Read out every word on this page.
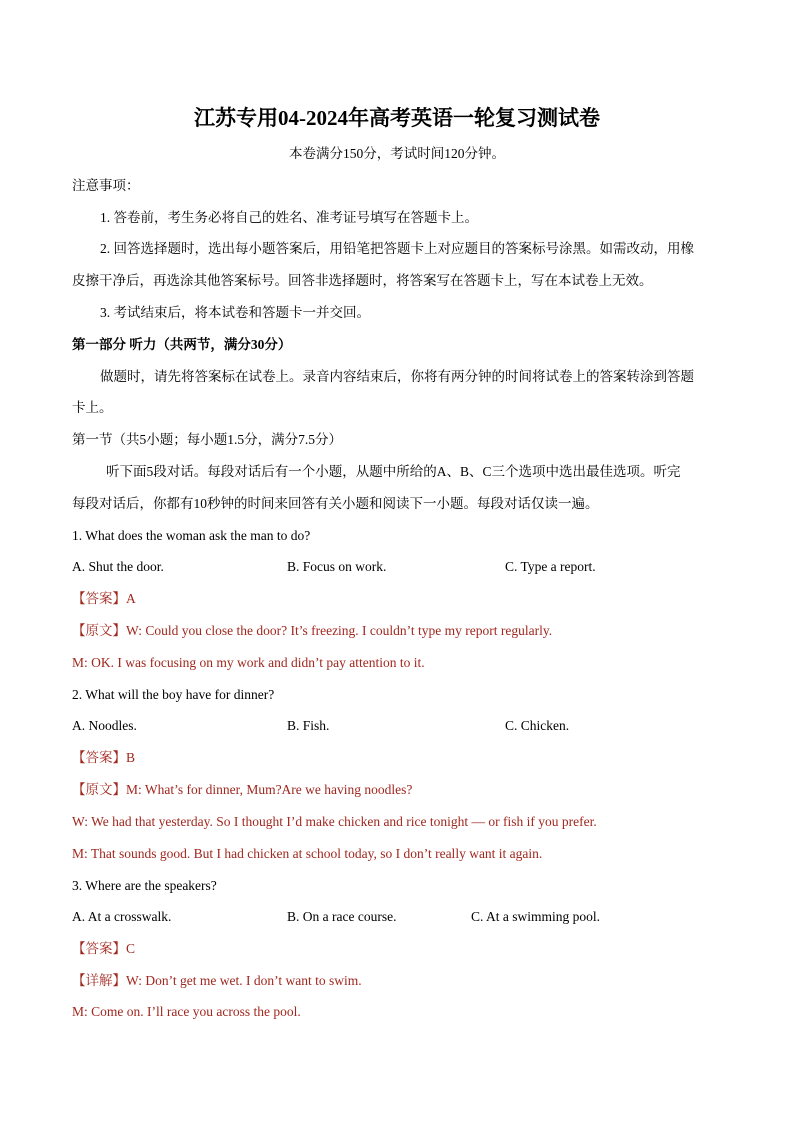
江苏专用04-2024年高考英语一轮复习测试卷
本卷满分150分，考试时间120分钟。
注意事项：
1. 答卷前，考生务必将自己的姓名、准考证号填写在答题卡上。
2. 回答选择题时，选出每小题答案后，用铅笔把答题卡上对应题目的答案标号涂黑。如需改动，用橡
皮擦干净后，再选涂其他答案标号。回答非选择题时，将答案写在答题卡上，写在本试卷上无效。
3. 考试结束后，将本试卷和答题卡一并交回。
第一部分 听力（共两节，满分30分）
做题时，请先将答案标在试卷上。录音内容结束后，你将有两分钟的时间将试卷上的答案转涂到答题
卡上。
第一节（共5小题；每小题1.5分，满分7.5分）
听下面5段对话。每段对话后有一个小题，从题中所给的A、B、C三个选项中选出最佳选项。听完
每段对话后，你都有10秒钟的时间来回答有关小题和阅读下一小题。每段对话仅读一遍。
1. What does the woman ask the man to do?
A. Shut the door.	B. Focus on work.	C. Type a report.
【答案】A
【原文】W: Could you close the door? It’s freezing. I couldn’t type my report regularly.
M: OK. I was focusing on my work and didn’t pay attention to it.
2. What will the boy have for dinner?
A. Noodles.	B. Fish.	C. Chicken.
【答案】B
【原文】M: What’s for dinner, Mum?Are we having noodles?
W: We had that yesterday. So I thought I’d make chicken and rice tonight — or fish if you prefer.
M: That sounds good. But I had chicken at school today, so I don’t really want it again.
3. Where are the speakers?
A. At a crosswalk.	B. On a race course.	C. At a swimming pool.
【答案】C
【详解】W: Don’t get me wet. I don’t want to swim.
M: Come on. I’ll race you across the pool.
